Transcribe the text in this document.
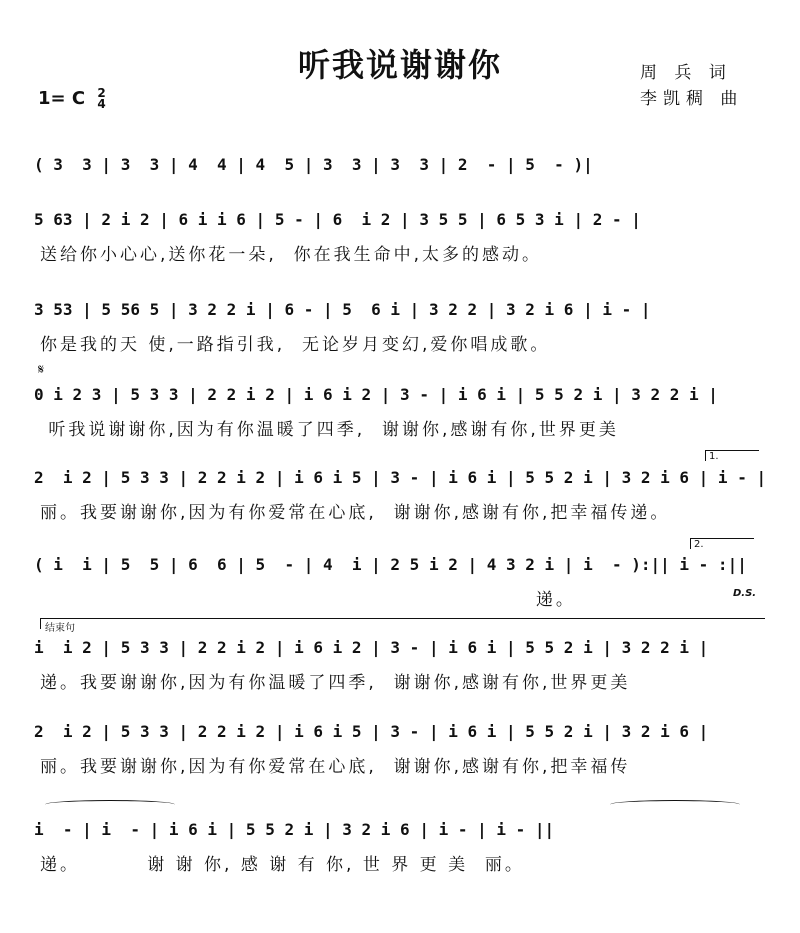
听我说谢谢你	周 兵 词
李凯稠 曲
1= C 2
4
( 3  3 | 3  3 | 4  4 | 4  5 | 3  3 | 3  3 | 2  - | 5  - )|
5 63 | 2 i 2 | 6 i i 6 | 5 - | 6  i 2 | 3 5 5 | 6 5 3 i | 2 - |
送给你小心心,送你花一朵,  你在我生命中,太多的感动。
3 53 | 5 56 5 | 3 2 2 i | 6 - | 5  6 i | 3 2 2 | 3 2 i 6 | i - |
你是我的天 使,一路指引我,  无论岁月变幻,爱你唱成歌。
𝄋
0 i 2 3 | 5 3 3 | 2 2 i 2 | i 6 i 2 | 3 - | i 6 i | 5 5 2 i | 3 2 2 i |
听我说谢谢你,因为有你温暖了四季,  谢谢你,感谢有你,世界更美
1.
2  i 2 | 5 3 3 | 2 2 i 2 | i 6 i 5 | 3 - | i 6 i | 5 5 2 i | 3 2 i 6 | i - |
丽。我要谢谢你,因为有你爱常在心底,  谢谢你,感谢有你,把幸福传递。
2.
( i  i | 5  5 | 6  6 | 5  - | 4  i | 2 5 i 2 | 4 3 2 i | i  - ):|| i - :||
递。	D.S.
结束句
i  i 2 | 5 3 3 | 2 2 i 2 | i 6 i 2 | 3 - | i 6 i | 5 5 2 i | 3 2 2 i |
递。我要谢谢你,因为有你温暖了四季,  谢谢你,感谢有你,世界更美
2  i 2 | 5 3 3 | 2 2 i 2 | i 6 i 5 | 3 - | i 6 i | 5 5 2 i | 3 2 i 6 |
丽。我要谢谢你,因为有你爱常在心底,  谢谢你,感谢有你,把幸福传
i  - | i  - | i 6 i | 5 5 2 i | 3 2 i 6 | i - | i - ||
递。        谢 谢 你, 感 谢 有 你, 世 界 更 美  丽。
